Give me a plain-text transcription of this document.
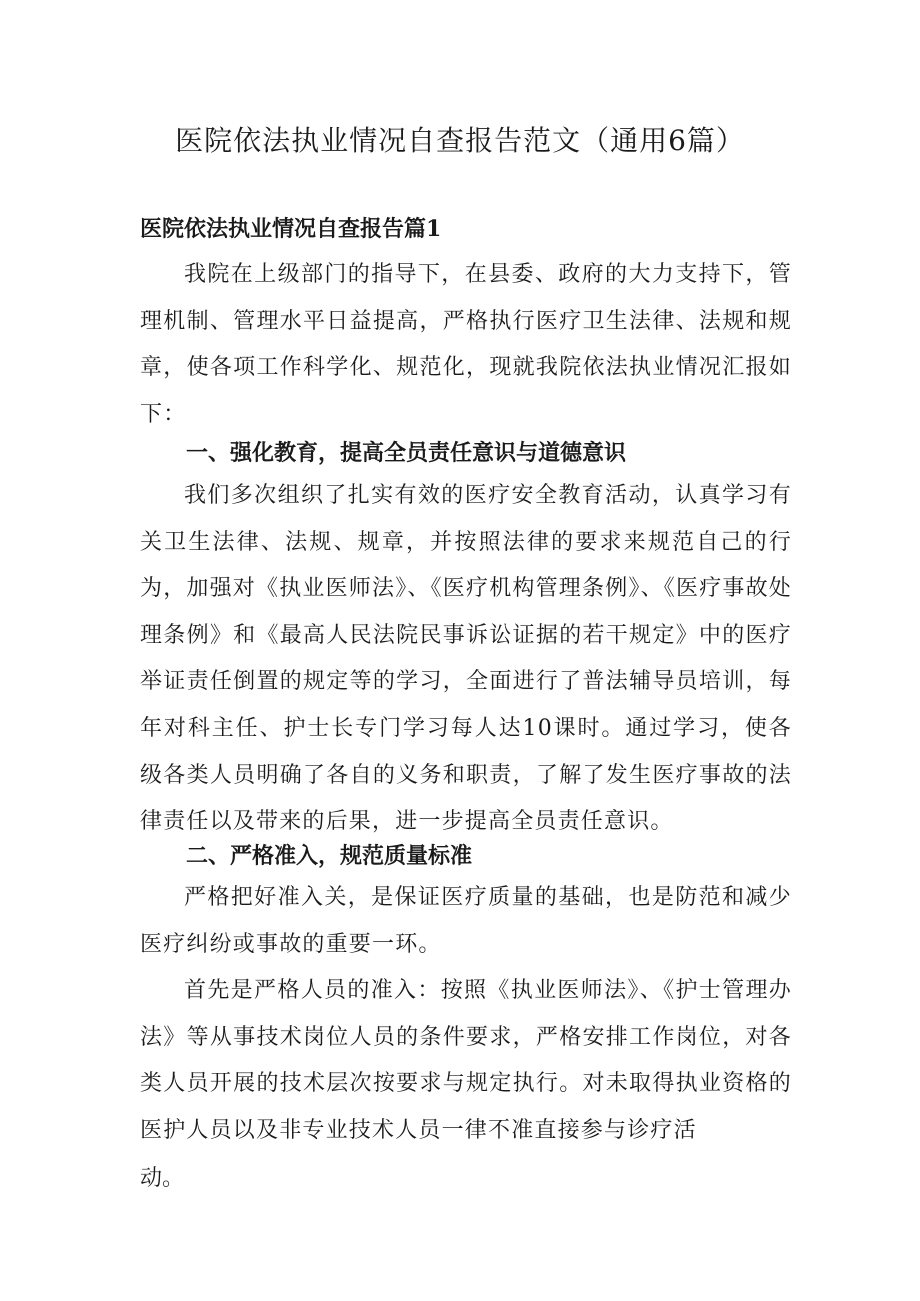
医院依法执业情况自查报告范文（通用6篇）
医院依法执业情况自查报告篇1
我院在上级部门的指导下，在县委、政府的大力支持下，管理机制、管理水平日益提高，严格执行医疗卫生法律、法规和规章，使各项工作科学化、规范化，现就我院依法执业情况汇报如下：
一、强化教育，提高全员责任意识与道德意识
我们多次组织了扎实有效的医疗安全教育活动，认真学习有关卫生法律、法规、规章，并按照法律的要求来规范自己的行为，加强对《执业医师法》、《医疗机构管理条例》、《医疗事故处理条例》和《最高人民法院民事诉讼证据的若干规定》中的医疗举证责任倒置的规定等的学习，全面进行了普法辅导员培训，每年对科主任、护士长专门学习每人达10课时。通过学习，使各级各类人员明确了各自的义务和职责，了解了发生医疗事故的法律责任以及带来的后果，进一步提高全员责任意识。
二、严格准入，规范质量标准
严格把好准入关，是保证医疗质量的基础，也是防范和减少医疗纠纷或事故的重要一环。
首先是严格人员的准入：按照《执业医师法》、《护士管理办法》等从事技术岗位人员的条件要求，严格安排工作岗位，对各类人员开展的技术层次按要求与规定执行。对未取得执业资格的医护人员以及非专业技术人员一律不准直接参与诊疗活
动。
